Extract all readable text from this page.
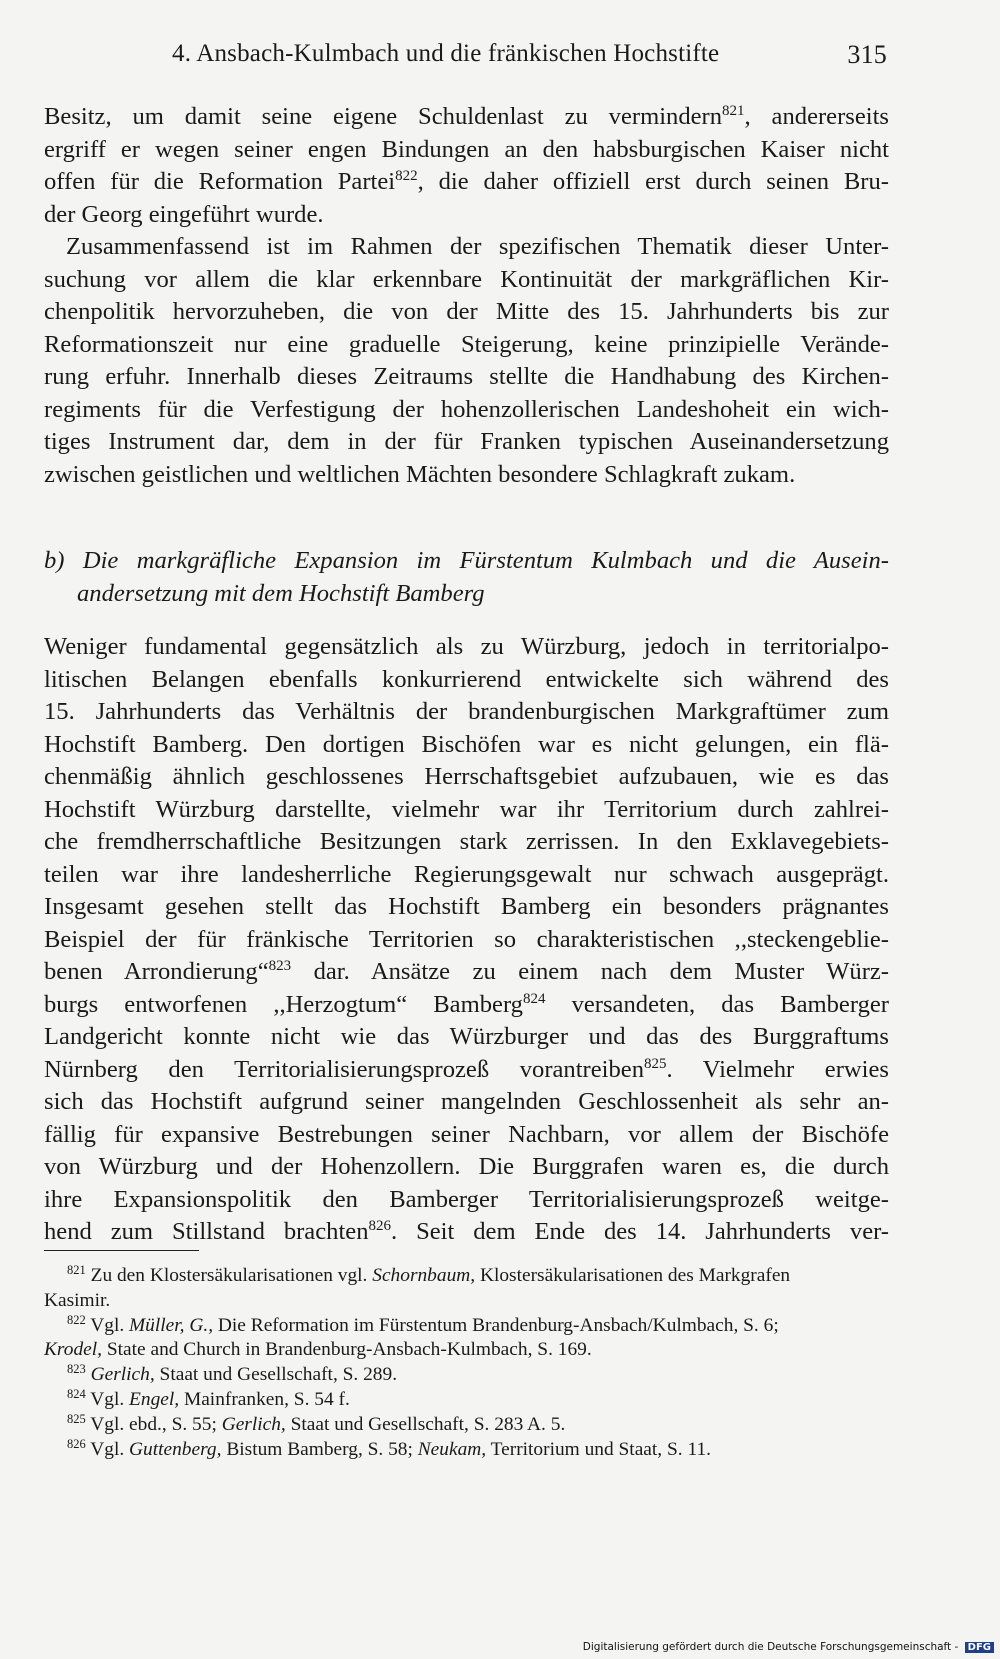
4. Ansbach-Kulmbach und die fränkischen Hochstifte	315
Besitz, um damit seine eigene Schuldenlast zu vermindern$^{821}$, andererseits
ergriff er wegen seiner engen Bindungen an den habsburgischen Kaiser nicht
offen für die Reformation Partei$^{822}$, die daher offiziell erst durch seinen Bru-
der Georg eingeführt wurde.
Zusammenfassend ist im Rahmen der spezifischen Thematik dieser Unter-
suchung vor allem die klar erkennbare Kontinuität der markgräflichen Kir-
chenpolitik hervorzuheben, die von der Mitte des 15. Jahrhunderts bis zur
Reformationszeit nur eine graduelle Steigerung, keine prinzipielle Verände-
rung erfuhr. Innerhalb dieses Zeitraums stellte die Handhabung des Kirchen-
regiments für die Verfestigung der hohenzollerischen Landeshoheit ein wich-
tiges Instrument dar, dem in der für Franken typischen Auseinandersetzung
zwischen geistlichen und weltlichen Mächten besondere Schlagkraft zukam.
b) Die markgräfliche Expansion im Fürstentum Kulmbach und die Ausein-
andersetzung mit dem Hochstift Bamberg
Weniger fundamental gegensätzlich als zu Würzburg, jedoch in territorialpo-
litischen Belangen ebenfalls konkurrierend entwickelte sich während des
15. Jahrhunderts das Verhältnis der brandenburgischen Markgraftümer zum
Hochstift Bamberg. Den dortigen Bischöfen war es nicht gelungen, ein flä-
chenmäßig ähnlich geschlossenes Herrschaftsgebiet aufzubauen, wie es das
Hochstift Würzburg darstellte, vielmehr war ihr Territorium durch zahlrei-
che fremdherrschaftliche Besitzungen stark zerrissen. In den Exklavegebiets-
teilen war ihre landesherrliche Regierungsgewalt nur schwach ausgeprägt.
Insgesamt gesehen stellt das Hochstift Bamberg ein besonders prägnantes
Beispiel der für fränkische Territorien so charakteristischen ,,steckengeblie-
benen Arrondierung“$^{823}$ dar. Ansätze zu einem nach dem Muster Würz-
burgs entworfenen ,,Herzogtum“ Bamberg$^{824}$ versandeten, das Bamberger
Landgericht konnte nicht wie das Würzburger und das des Burggraftums
Nürnberg den Territorialisierungsprozeß vorantreiben$^{825}$. Vielmehr erwies
sich das Hochstift aufgrund seiner mangelnden Geschlossenheit als sehr an-
fällig für expansive Bestrebungen seiner Nachbarn, vor allem der Bischöfe
von Würzburg und der Hohenzollern. Die Burggrafen waren es, die durch
ihre Expansionspolitik den Bamberger Territorialisierungsprozeß weitge-
hend zum Stillstand brachten$^{826}$. Seit dem Ende des 14. Jahrhunderts ver-
$^{821}$ Zu den Klostersäkularisationen vgl. Schornbaum, Klostersäkularisationen des Markgrafen
Kasimir.
$^{822}$ Vgl. Müller, G., Die Reformation im Fürstentum Brandenburg-Ansbach/Kulmbach, S. 6;
Krodel, State and Church in Brandenburg-Ansbach-Kulmbach, S. 169.
$^{823}$ Gerlich, Staat und Gesellschaft, S. 289.
$^{824}$ Vgl. Engel, Mainfranken, S. 54 f.
$^{825}$ Vgl. ebd., S. 55; Gerlich, Staat und Gesellschaft, S. 283 A. 5.
$^{826}$ Vgl. Guttenberg, Bistum Bamberg, S. 58; Neukam, Territorium und Staat, S. 11.
Digitalisierung gefördert durch die Deutsche Forschungsgemeinschaft - DFG
